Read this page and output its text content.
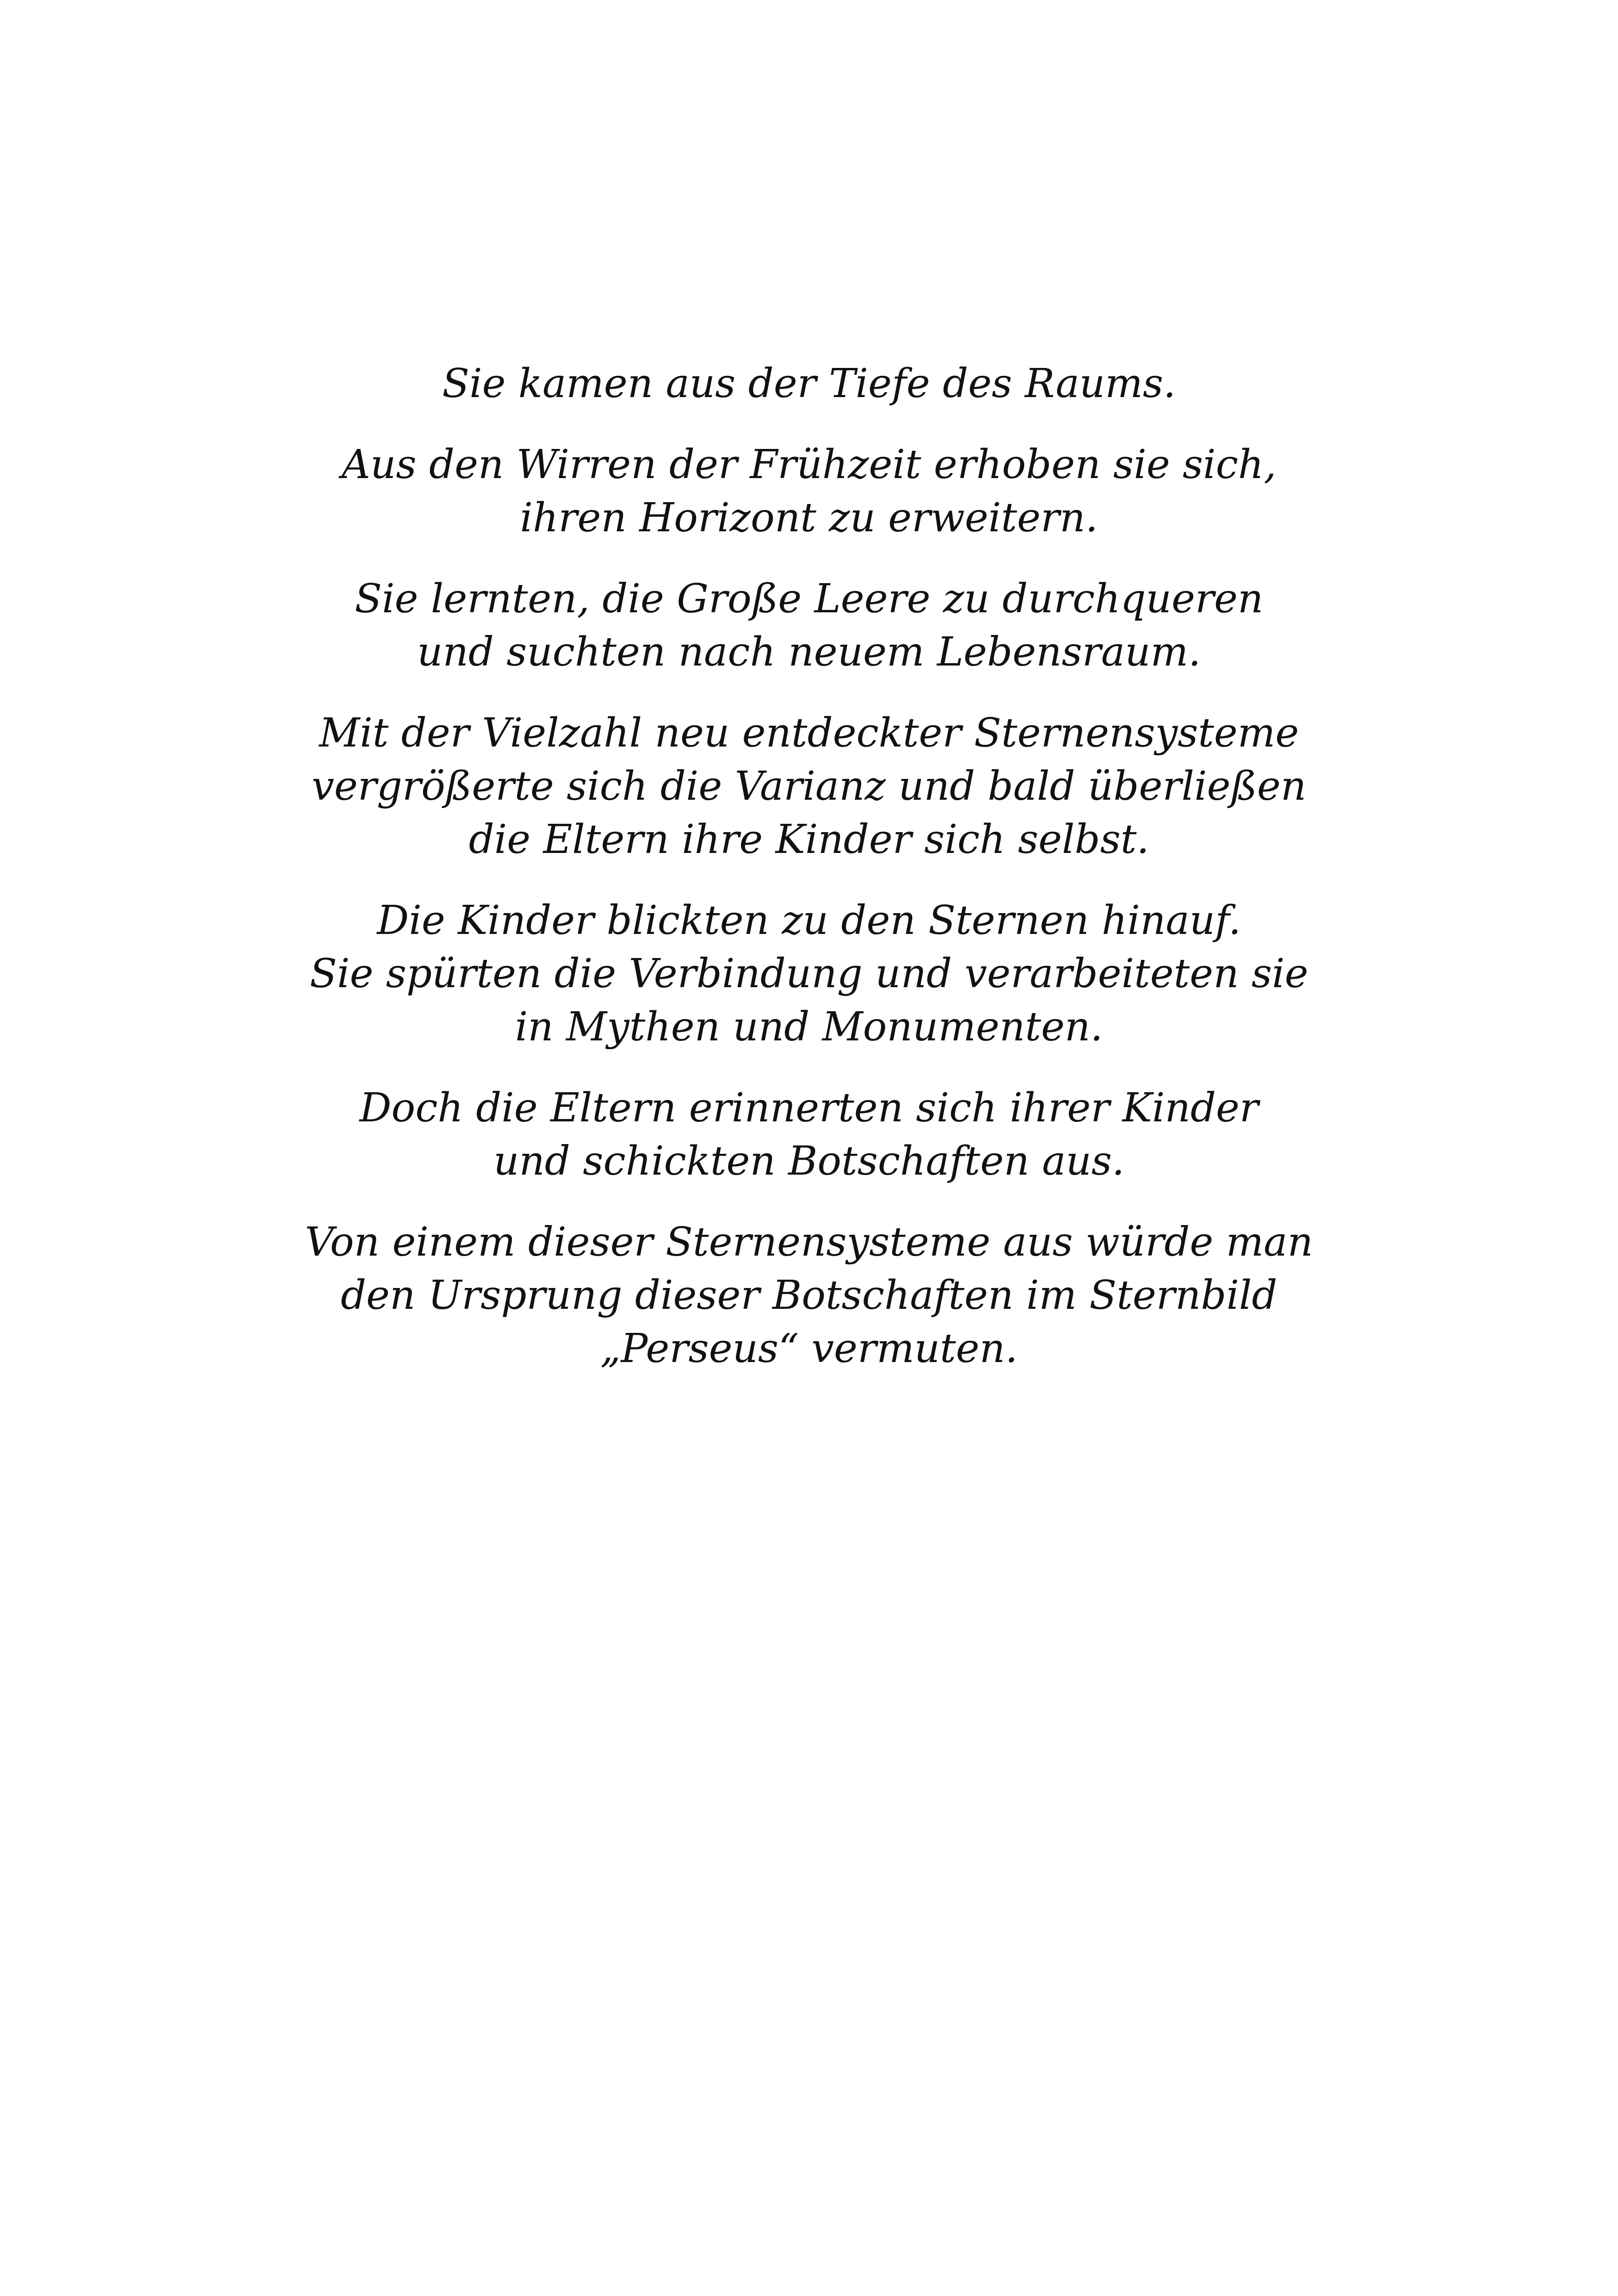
Sie kamen aus der Tiefe des Raums.
Aus den Wirren der Frühzeit erhoben sie sich,
ihren Horizont zu erweitern.
Sie lernten, die Große Leere zu durchqueren
und suchten nach neuem Lebensraum.
Mit der Vielzahl neu entdeckter Sternensysteme
vergrößerte sich die Varianz und bald überließen
die Eltern ihre Kinder sich selbst.
Die Kinder blickten zu den Sternen hinauf.
Sie spürten die Verbindung und verarbeiteten sie
in Mythen und Monumenten.
Doch die Eltern erinnerten sich ihrer Kinder
und schickten Botschaften aus.
Von einem dieser Sternensysteme aus würde man
den Ursprung dieser Botschaften im Sternbild
„Perseus“ vermuten.
